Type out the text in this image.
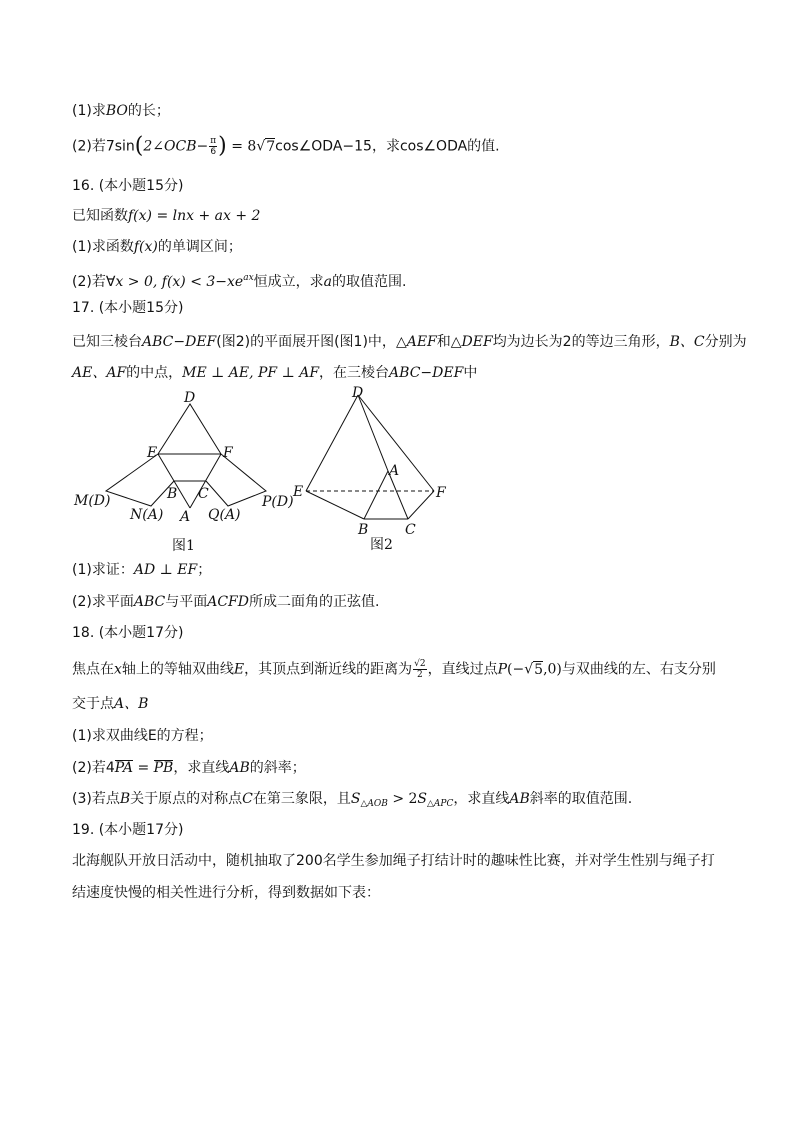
(1)求BO的长；
(2)若7sin(2∠OCB− $\frac{\pi}{6}$ ) = 8√7cos∠ODA−15，求cos∠ODA的值.
16. (本小题15分)
已知函数f(x) = lnx + ax + 2
(1)求函数f(x)的单调区间；
(2)若∀x > 0, $f(x) < 3-xe^{ax}$恒成立，求a的取值范围.
17. (本小题15分)
已知三棱台ABC−DEF(图2)的平面展开图(图1)中，△AEF和△DEF均为边长为2的等边三角形，B、C分别为
AE、AF的中点，ME ⊥ AE, PF ⊥ AF，在三棱台ABC−DEF中
D
E	F
M(D)
N(A)
B C
A Q(A)
P(D)
图1
D
A
E	F
B	C
图2
(1)求证：AD ⊥ EF；
(2)求平面ABC与平面ACFD所成二面角的正弦值.
18. (本小题17分)
焦点在x轴上的等轴双曲线E，其顶点到渐近线的距离为 $\frac{√2}{2}$ ，直线过点P(−√5,0)与双曲线的左、右支分别
交于点A、B
(1)求双曲线E的方程；
(2)若4PA = PB，求直线AB的斜率；
(3)若点B关于原点的对称点C在第三象限，且$S_{\triangle AOB} > 2S_{\triangle APC}$，求直线AB斜率的取值范围.
19. (本小题17分)
北海舰队开放日活动中，随机抽取了200名学生参加绳子打结计时的趣味性比赛，并对学生性别与绳子打
结速度快慢的相关性进行分析，得到数据如下表：
